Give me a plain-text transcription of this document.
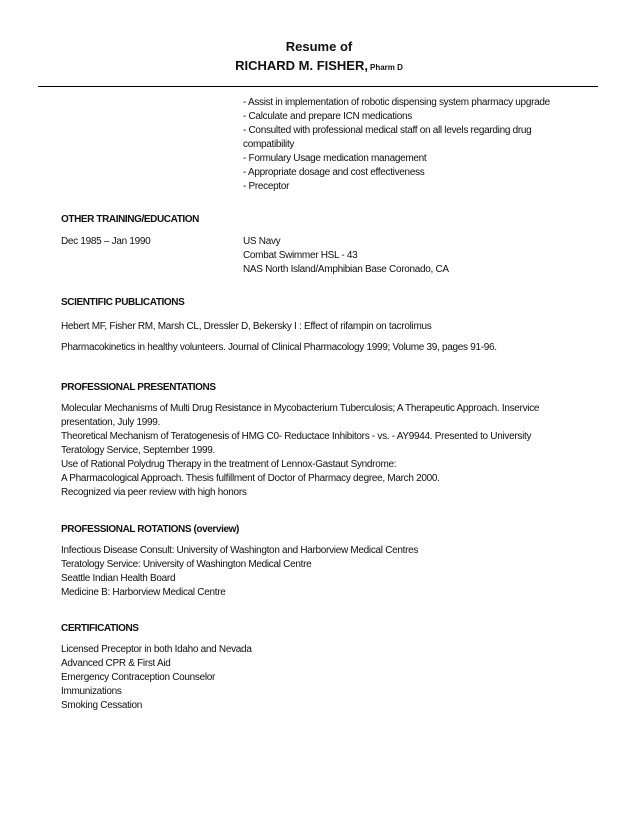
Resume of
RICHARD M. FISHER, Pharm D
- Assist in implementation of robotic dispensing system pharmacy upgrade
- Calculate and prepare ICN medications
- Consulted with professional medical staff on all levels regarding drug
compatibility
- Formulary Usage medication management
- Appropriate dosage and cost effectiveness
- Preceptor
OTHER TRAINING/EDUCATION
Dec 1985 – Jan 1990	US Navy
Combat Swimmer HSL - 43
NAS North Island/Amphibian Base Coronado, CA
SCIENTIFIC PUBLICATIONS
Hebert MF, Fisher RM, Marsh CL, Dressler D, Bekersky I : Effect of rifampin on tacrolimus
Pharmacokinetics in healthy volunteers. Journal of Clinical Pharmacology 1999; Volume 39, pages 91-96.
PROFESSIONAL PRESENTATIONS
Molecular Mechanisms of Multi Drug Resistance in Mycobacterium Tuberculosis; A Therapeutic Approach. Inservice
presentation, July 1999.
Theoretical Mechanism of Teratogenesis of HMG C0- Reductace Inhibitors - vs. - AY9944. Presented to University
Teratology Service, September 1999.
Use of Rational Polydrug Therapy in the treatment of Lennox-Gastaut Syndrome:
A Pharmacological Approach. Thesis fulfillment of Doctor of Pharmacy degree, March 2000.
Recognized via peer review with high honors
PROFESSIONAL ROTATIONS (overview)
Infectious Disease Consult: University of Washington and Harborview Medical Centres
Teratology Service: University of Washington Medical Centre
Seattle Indian Health Board
Medicine B: Harborview Medical Centre
CERTIFICATIONS
Licensed Preceptor in both Idaho and Nevada
Advanced CPR & First Aid
Emergency Contraception Counselor
Immunizations
Smoking Cessation
